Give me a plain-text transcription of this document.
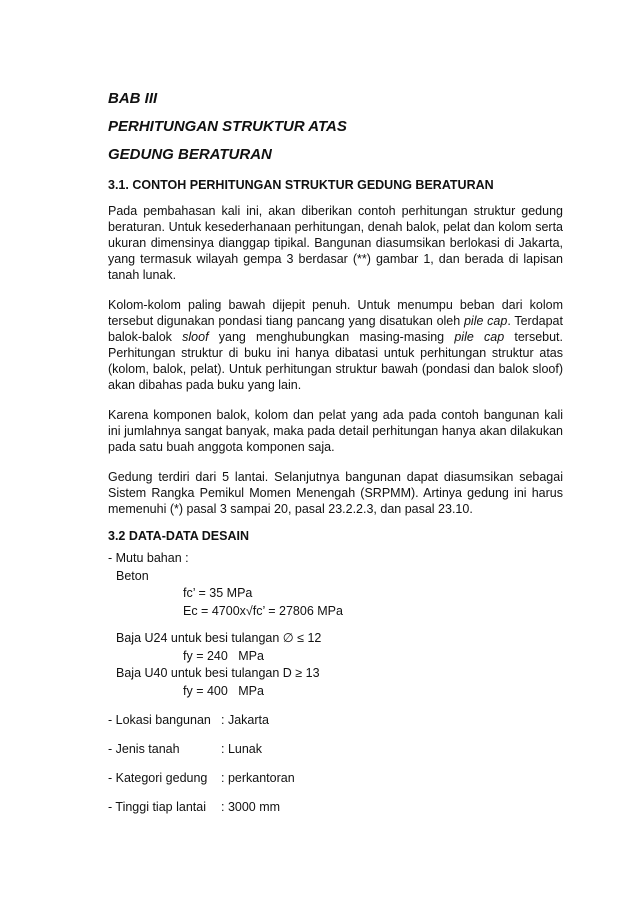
BAB III
PERHITUNGAN STRUKTUR ATAS
GEDUNG BERATURAN
3.1. CONTOH PERHITUNGAN STRUKTUR GEDUNG BERATURAN

Pada pembahasan kali ini, akan diberikan contoh perhitungan struktur gedung beraturan. Untuk kesederhanaan perhitungan, denah balok, pelat dan kolom serta ukuran dimensinya dianggap tipikal. Bangunan diasumsikan berlokasi di Jakarta, yang termasuk wilayah gempa 3 berdasar (**) gambar 1, dan berada di lapisan tanah lunak.

Kolom-kolom paling bawah dijepit penuh. Untuk menumpu beban dari kolom tersebut digunakan pondasi tiang pancang yang disatukan oleh pile cap. Terdapat balok-balok sloof yang menghubungkan masing-masing pile cap tersebut. Perhitungan struktur di buku ini hanya dibatasi untuk perhitungan struktur atas (kolom, balok, pelat). Untuk perhitungan struktur bawah (pondasi dan balok sloof) akan dibahas pada buku yang lain.

Karena komponen balok, kolom dan pelat yang ada pada contoh bangunan kali ini jumlahnya sangat banyak, maka pada detail perhitungan hanya akan dilakukan pada satu buah anggota komponen saja.

Gedung terdiri dari 5 lantai. Selanjutnya bangunan dapat diasumsikan sebagai Sistem Rangka Pemikul Momen Menengah (SRPMM). Artinya gedung ini harus memenuhi (*) pasal 3 sampai 20, pasal 23.2.2.3, dan pasal 23.10.

3.2 DATA-DATA DESAIN
- Mutu bahan :
Beton
fc’ = 35 MPa
Ec = 4700x√fc’ = 27806 MPa
Baja U24 untuk besi tulangan ∅ ≤ 12
fy = 240   MPa
Baja U40 untuk besi tulangan D ≥ 13
fy = 400   MPa
- Lokasi bangunan : Jakarta
- Jenis tanah	: Lunak
- Kategori gedung : perkantoran
- Tinggi tiap lantai : 3000 mm
